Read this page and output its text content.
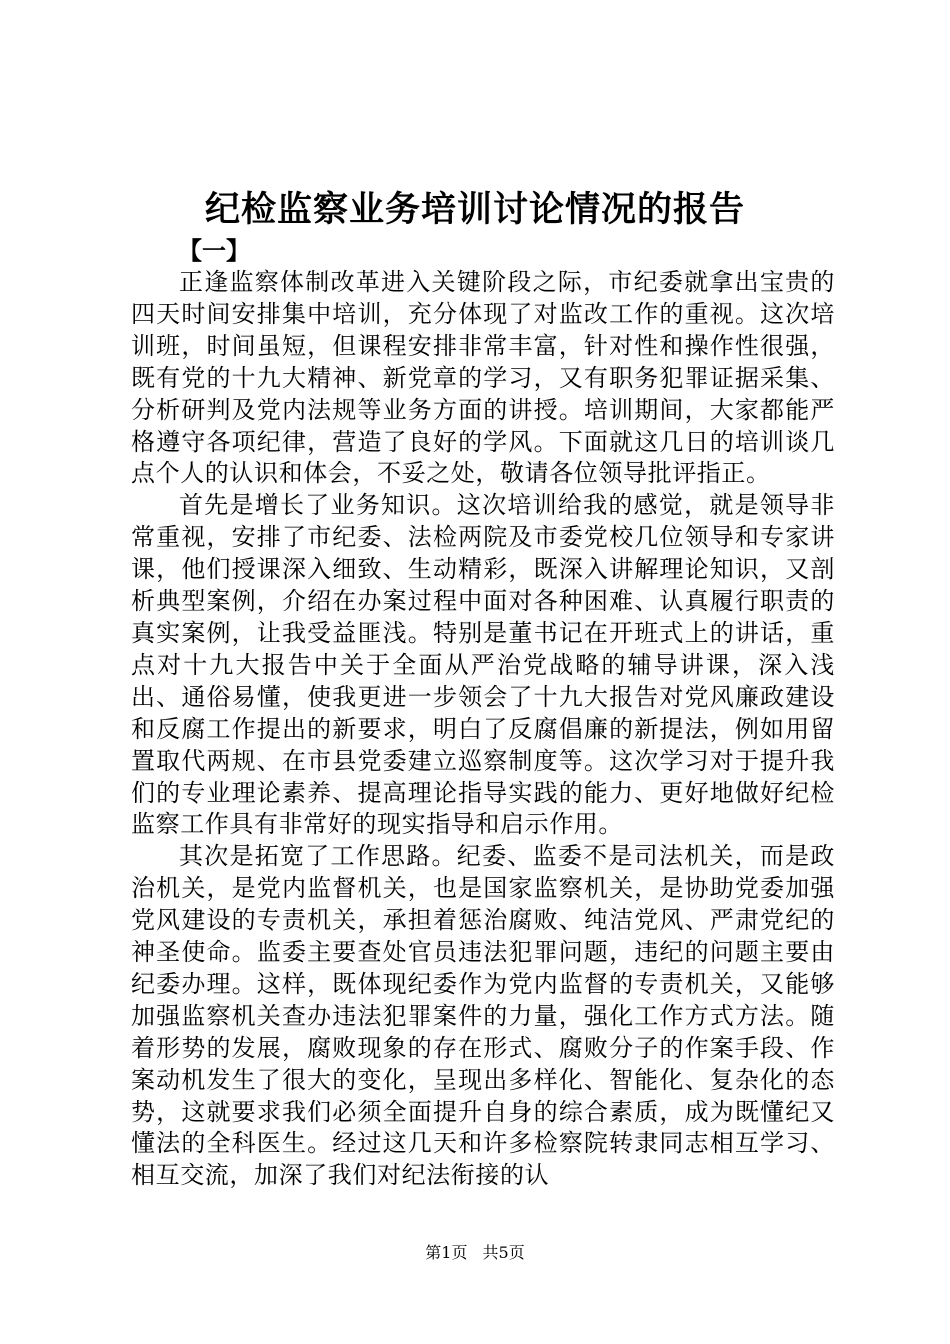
纪检监察业务培训讨论情况的报告
【一】

正逢监察体制改革进入关键阶段之际，市纪委就拿出宝贵的四天时间安排集中培训，充分体现了对监改工作的重视。这次培训班，时间虽短，但课程安排非常丰富，针对性和操作性很强，既有党的十九大精神、新党章的学习，又有职务犯罪证据采集、分析研判及党内法规等业务方面的讲授。培训期间，大家都能严格遵守各项纪律，营造了良好的学风。下面就这几日的培训谈几点个人的认识和体会，不妥之处，敬请各位领导批评指正。

首先是增长了业务知识。这次培训给我的感觉，就是领导非常重视，安排了市纪委、法检两院及市委党校几位领导和专家讲课，他们授课深入细致、生动精彩，既深入讲解理论知识，又剖析典型案例，介绍在办案过程中面对各种困难、认真履行职责的真实案例，让我受益匪浅。特别是董书记在开班式上的讲话，重点对十九大报告中关于全面从严治党战略的辅导讲课，深入浅出、通俗易懂，使我更进一步领会了十九大报告对党风廉政建设和反腐工作提出的新要求，明白了反腐倡廉的新提法，例如用留置取代两规、在市县党委建立巡察制度等。这次学习对于提升我们的专业理论素养、提高理论指导实践的能力、更好地做好纪检监察工作具有非常好的现实指导和启示作用。

其次是拓宽了工作思路。纪委、监委不是司法机关，而是政治机关，是党内监督机关，也是国家监察机关，是协助党委加强党风建设的专责机关，承担着惩治腐败、纯洁党风、严肃党纪的神圣使命。监委主要查处官员违法犯罪问题，违纪的问题主要由纪委办理。这样，既体现纪委作为党内监督的专责机关，又能够加强监察机关查办违法犯罪案件的力量，强化工作方式方法。随着形势的发展，腐败现象的存在形式、腐败分子的作案手段、作案动机发生了很大的变化，呈现出多样化、智能化、复杂化的态势，这就要求我们必须全面提升自身的综合素质，成为既懂纪又懂法的全科医生。经过这几天和许多检察院转隶同志相互学习、相互交流，加深了我们对纪法衔接的认

第1页 共5页
